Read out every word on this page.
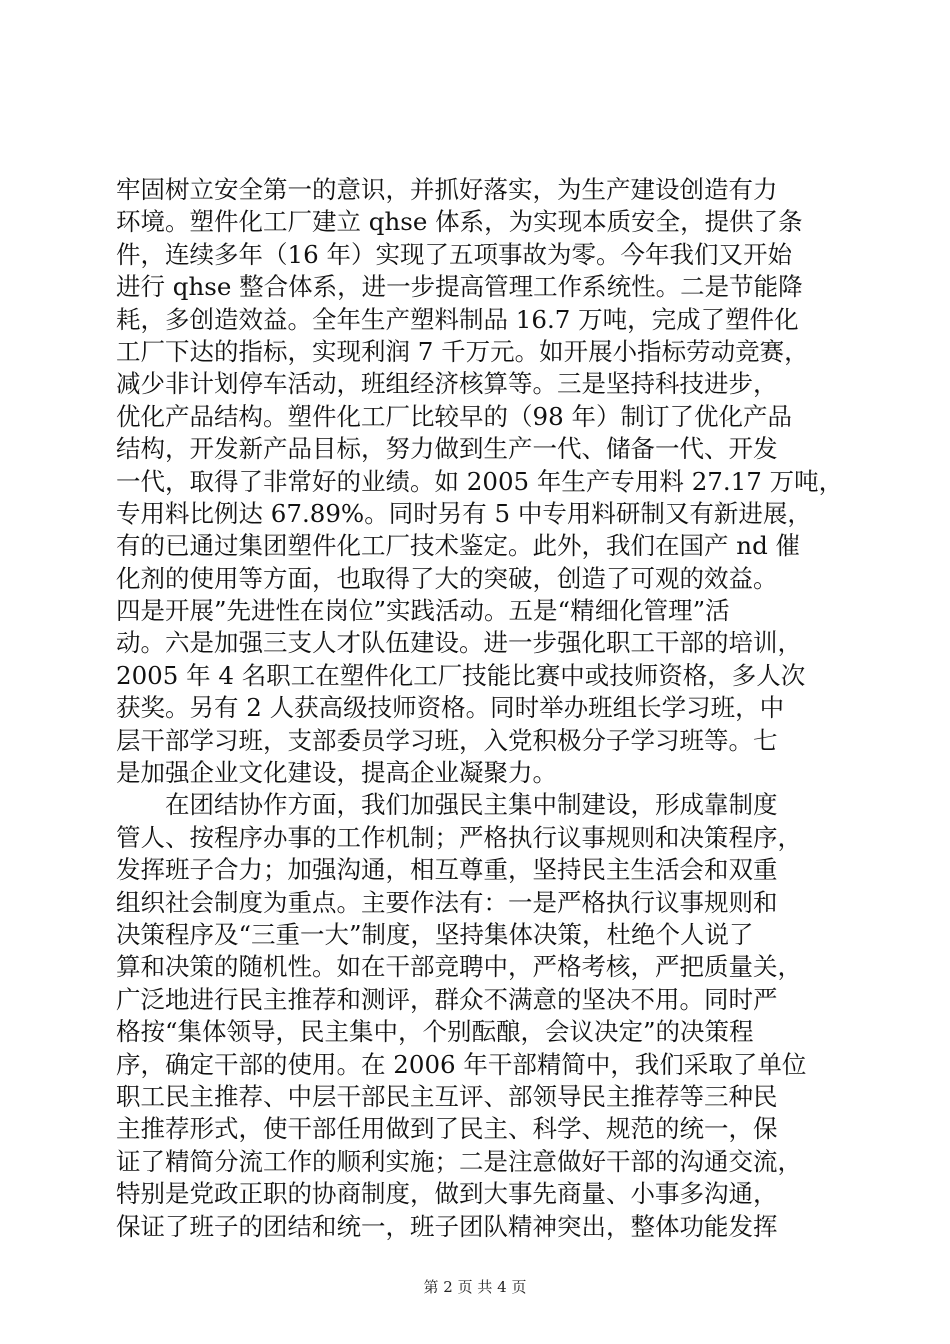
牢固树立安全第一的意识，并抓好落实，为生产建设创造有力
环境。塑件化工厂建立 qhse 体系，为实现本质安全，提供了条
件，连续多年（16 年）实现了五项事故为零。今年我们又开始
进行 qhse 整合体系，进一步提高管理工作系统性。二是节能降
耗，多创造效益。全年生产塑料制品 16.7 万吨，完成了塑件化
工厂下达的指标，实现利润 7 千万元。如开展小指标劳动竞赛，
减少非计划停车活动，班组经济核算等。三是坚持科技进步，
优化产品结构。塑件化工厂比较早的（98 年）制订了优化产品
结构，开发新产品目标，努力做到生产一代、储备一代、开发
一代，取得了非常好的业绩。如 2005 年生产专用料 27.17 万吨，
专用料比例达 67.89%。同时另有 5 中专用料研制又有新进展，
有的已通过集团塑件化工厂技术鉴定。此外，我们在国产 nd 催
化剂的使用等方面，也取得了大的突破，创造了可观的效益。
四是开展”先进性在岗位”实践活动。五是“精细化管理”活
动。六是加强三支人才队伍建设。进一步强化职工干部的培训，
2005 年 4 名职工在塑件化工厂技能比赛中或技师资格，多人次
获奖。另有 2 人获高级技师资格。同时举办班组长学习班，中
层干部学习班，支部委员学习班，入党积极分子学习班等。七
是加强企业文化建设，提高企业凝聚力。
　　在团结协作方面，我们加强民主集中制建设，形成靠制度
管人、按程序办事的工作机制；严格执行议事规则和决策程序，
发挥班子合力；加强沟通，相互尊重，坚持民主生活会和双重
组织社会制度为重点。主要作法有：一是严格执行议事规则和
决策程序及“三重一大”制度，坚持集体决策，杜绝个人说了
算和决策的随机性。如在干部竞聘中，严格考核，严把质量关，
广泛地进行民主推荐和测评，群众不满意的坚决不用。同时严
格按“集体领导，民主集中，个别酝酿，会议决定”的决策程
序，确定干部的使用。在 2006 年干部精简中，我们采取了单位
职工民主推荐、中层干部民主互评、部领导民主推荐等三种民
主推荐形式，使干部任用做到了民主、科学、规范的统一，保
证了精简分流工作的顺利实施；二是注意做好干部的沟通交流，
特别是党政正职的协商制度，做到大事先商量、小事多沟通，
保证了班子的团结和统一，班子团队精神突出，整体功能发挥
第 2 页 共 4 页
